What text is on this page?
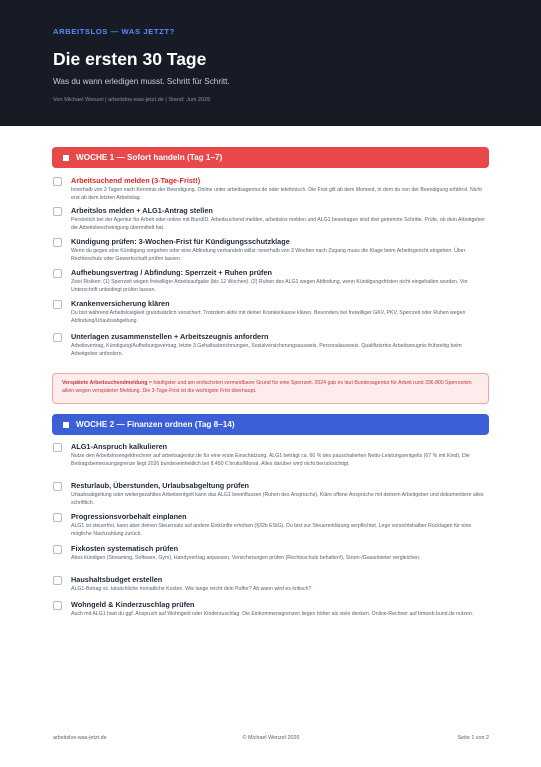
ARBEITSLOS — WAS JETZT?
Die ersten 30 Tage
Was du wann erledigen musst. Schritt für Schritt.
Von Michael Wenzel | arbeitslos-was-jetzt.de | Stand: Juni 2026
WOCHE 1 — Sofort handeln (Tag 1–7)
Arbeitsuchend melden (3-Tage-Frist!)
Innerhalb von 3 Tagen nach Kenntnis der Beendigung. Online unter arbeitsagentur.de oder telefonisch. Die Frist gilt ab dem Moment, in dem du von der Beendigung erfährst. Nicht erst ab dem letzten Arbeitstag.
Arbeitslos melden + ALG1-Antrag stellen
Persönlich bei der Agentur für Arbeit oder online mit BundID. Arbeitsuchend melden, arbeitslos melden und ALG1 beantragen sind drei getrennte Schritte. Prüfe, ob dein Arbeitgeber die Arbeitsbescheinigung übermittelt hat.
Kündigung prüfen: 3-Wochen-Frist für Kündigungsschutzklage
Wenn du gegen eine Kündigung vorgehen oder eine Abfindung verhandeln willst: innerhalb von 3 Wochen nach Zugang muss die Klage beim Arbeitsgericht eingehen. Über Rechtsschutz oder Gewerkschaft prüfen lassen.
Aufhebungsvertrag / Abfindung: Sperrzeit + Ruhen prüfen
Zwei Risiken: (1) Sperrzeit wegen freiwilliger Arbeitsaufgabe (bis 12 Wochen). (2) Ruhen des ALG1 wegen Abfindung, wenn Kündigungsfristen nicht eingehalten wurden. Vor Unterschrift unbedingt prüfen lassen.
Krankenversicherung klären
Du bist während Arbeitslosigkeit grundsätzlich versichert. Trotzdem aktiv mit deiner Krankenkasse klären. Besonders bei freiwilliger GKV, PKV, Sperrzeit oder Ruhen wegen Abfindung/Urlaubsabgeltung.
Unterlagen zusammenstellen + Arbeitszeugnis anfordern
Arbeitsvertrag, Kündigung/Aufhebungsvertrag, letzte 3 Gehaltsabrechnungen, Sozialversicherungsausweis, Personalausweis. Qualifiziertes Arbeitszeugnis frühzeitig beim Arbeitgeber anfordern.
Verspätete Arbeitsuchendmeldung = häufigster und am einfachsten vermeidbarer Grund für eine Sperrzeit. 2024 gab es laut Bundesagentur für Arbeit rund 336.800 Sperrzeiten allein wegen verspäteter Meldung. Die 3-Tage-Frist ist die wichtigste Frist überhaupt.
WOCHE 2 — Finanzen ordnen (Tag 8–14)
ALG1-Anspruch kalkulieren
Nutze den Arbeitslosengeldrechner auf arbeitsagentur.de für eine erste Einschätzung. ALG1 beträgt ca. 60 % des pauschalierten Netto-Leistungsentgelts (67 % mit Kind). Die Beitragsbemessungsgrenze liegt 2026 bundeseinheitlich bei 8.450 € brutto/Monat. Alles darüber wird nicht berücksichtigt.
Resturlaub, Überstunden, Urlaubsabgeltung prüfen
Urlaubsabgeltung oder weitergezahltes Arbeitsentgelt kann das ALG1 beeinflussen (Ruhen des Anspruchs). Kläre offene Ansprüche mit deinem Arbeitgeber und dokumentiere alles schriftlich.
Progressionsvorbehalt einplanen
ALG1 ist steuerfrei, kann aber deinen Steuersatz auf andere Einkünfte erhöhen (§32b EStG). Du bist zur Steuererklärung verpflichtet. Lege vorsichtshalber Rücklagen für eine mögliche Nachzahlung zurück.
Fixkosten systematisch prüfen
Abos kündigen (Streaming, Software, Gym), Handyvertrag anpassen, Versicherungen prüfen (Rechtsschutz behalten!), Strom-/Gasanbieter vergleichen.
Haushaltsbudget erstellen
ALG1-Betrag vs. tatsächliche monatliche Kosten. Wie lange reicht dein Puffer? Ab wann wird es kritisch?
Wohngeld & Kinderzuschlag prüfen
Auch mit ALG1 hast du ggf. Anspruch auf Wohngeld oder Kinderzuschlag. Die Einkommensgrenzen liegen höher als viele denken. Online-Rechner auf bmwsb.bund.de nutzen.
arbeitslos-was-jetzt.de	© Michael Wenzel 2026	Seite 1 von 2
